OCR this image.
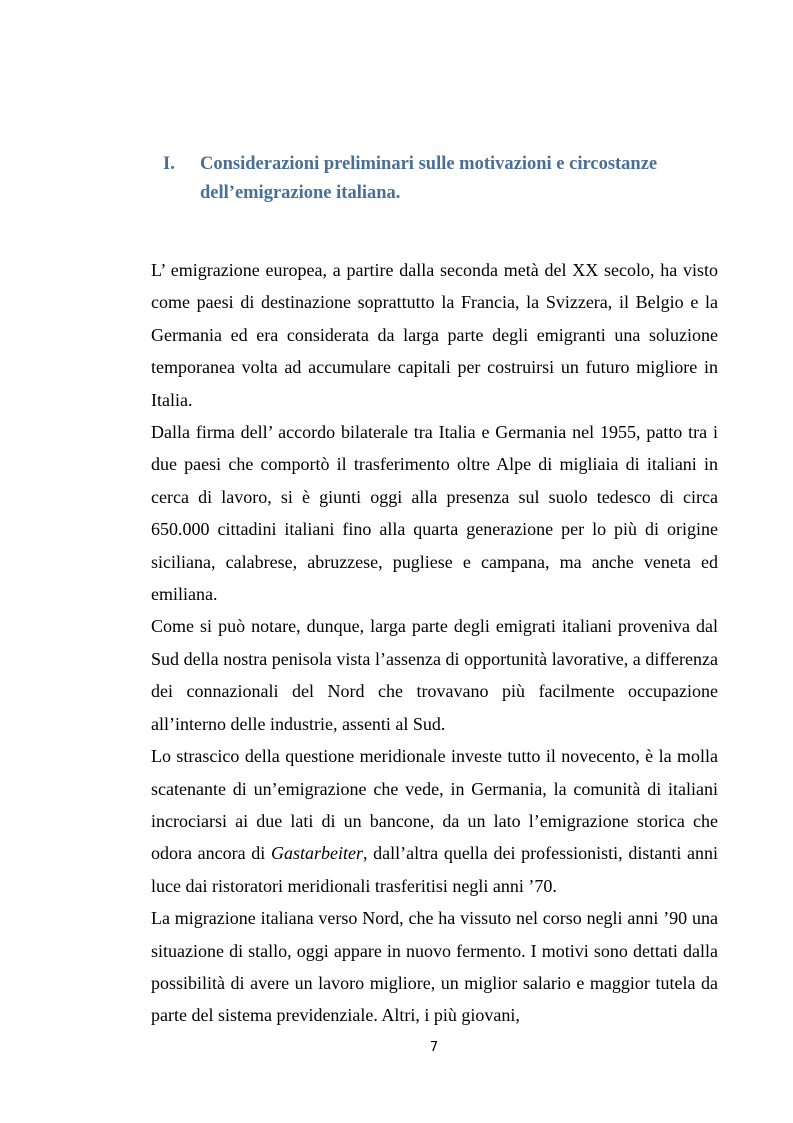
I. Considerazioni preliminari sulle motivazioni e circostanze dell’emigrazione italiana.

L’ emigrazione europea, a partire dalla seconda metà del XX secolo, ha visto come paesi di destinazione soprattutto la Francia, la Svizzera, il Belgio e la Germania ed era considerata da larga parte degli emigranti una soluzione temporanea volta ad accumulare capitali per costruirsi un futuro migliore in Italia.

Dalla firma dell’ accordo bilaterale tra Italia e Germania nel 1955, patto tra i due paesi che comportò il trasferimento oltre Alpe di migliaia di italiani in cerca di lavoro, si è giunti oggi alla presenza sul suolo tedesco di circa 650.000 cittadini italiani fino alla quarta generazione per lo più di origine siciliana, calabrese, abruzzese, pugliese e campana, ma anche veneta ed emiliana.

Come si può notare, dunque, larga parte degli emigrati italiani proveniva dal Sud della nostra penisola vista l’assenza di opportunità lavorative, a differenza dei connazionali del Nord che trovavano più facilmente occupazione all’interno delle industrie, assenti al Sud.

Lo strascico della questione meridionale investe tutto il novecento, è la molla scatenante di un’emigrazione che vede, in Germania, la comunità di italiani incrociarsi ai due lati di un bancone, da un lato l’emigrazione storica che odora ancora di Gastarbeiter, dall’altra quella dei professionisti, distanti anni luce dai ristoratori meridionali trasferitisi negli anni ’70.

La migrazione italiana verso Nord, che ha vissuto nel corso negli anni ’90 una situazione di stallo, oggi appare in nuovo fermento. I motivi sono dettati dalla possibilità di avere un lavoro migliore, un miglior salario e maggior tutela da parte del sistema previdenziale. Altri, i più giovani,

7
